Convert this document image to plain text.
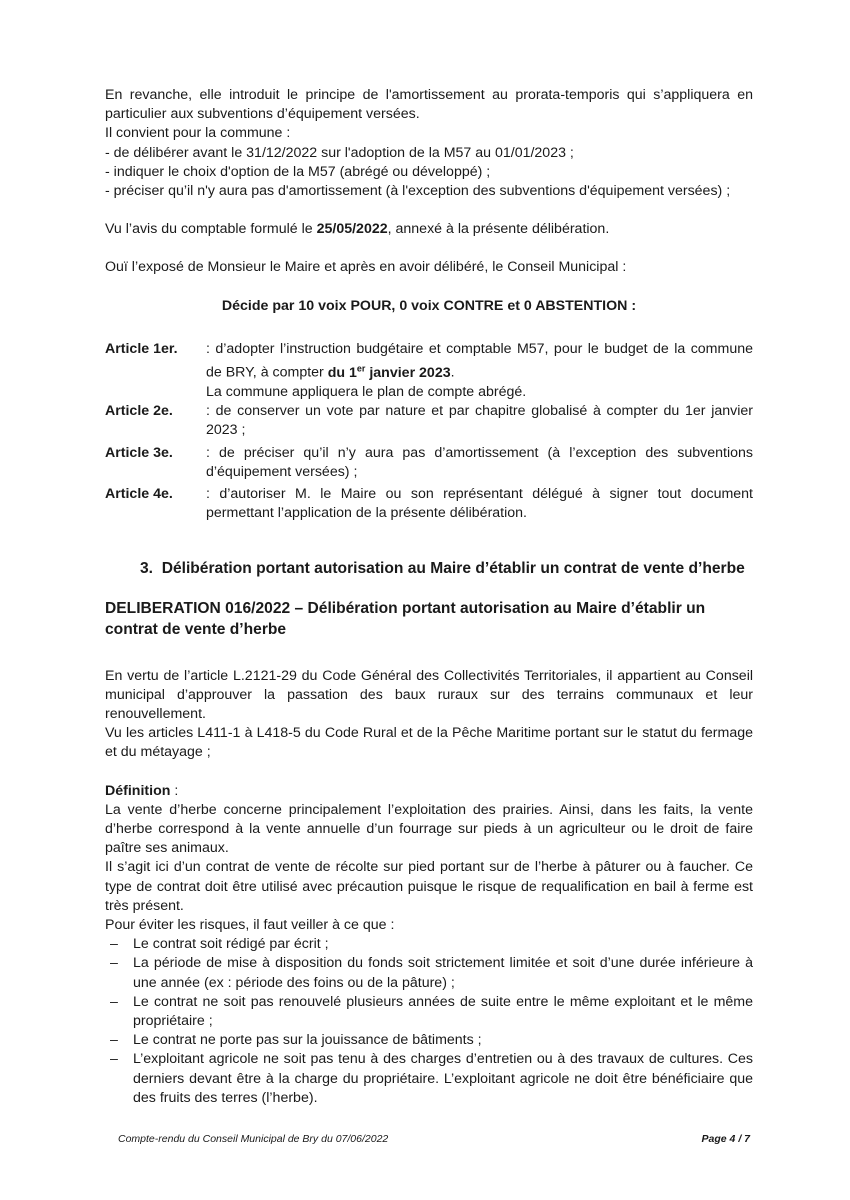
En revanche, elle introduit le principe de l'amortissement au prorata-temporis qui s’appliquera en particulier aux subventions d’équipement versées.

Il convient pour la commune :

- de délibérer avant le 31/12/2022 sur l'adoption de la M57 au 01/01/2023 ;

- indiquer le choix d'option de la M57 (abrégé ou développé) ;

- préciser qu’il n'y aura pas d'amortissement (à l'exception des subventions d'équipement versées) ;

Vu l’avis du comptable formulé le 25/05/2022, annexé à la présente délibération.

Ouï l’exposé de Monsieur le Maire et après en avoir délibéré, le Conseil Municipal :

Décide par 10 voix POUR, 0 voix CONTRE et 0 ABSTENTION :

Article 1er.	: d’adopter l’instruction budgétaire et comptable M57, pour le budget de la commune de BRY, à compter du 1er janvier 2023.
La commune appliquera le plan de compte abrégé.
Article 2e.	: de conserver un vote par nature et par chapitre globalisé à compter du 1er janvier 2023 ;
Article 3e.	: de préciser qu’il n’y aura pas d’amortissement (à l’exception des subventions d’équipement versées) ;
Article 4e.	: d’autoriser M. le Maire ou son représentant délégué à signer tout document permettant l’application de la présente délibération.

3. Délibération portant autorisation au Maire d’établir un contrat de vente d’herbe

DELIBERATION 016/2022 – Délibération portant autorisation au Maire d’établir un contrat de vente d’herbe

En vertu de l’article L.2121-29 du Code Général des Collectivités Territoriales, il appartient au Conseil municipal d’approuver la passation des baux ruraux sur des terrains communaux et leur renouvellement.

Vu les articles L411-1 à L418-5 du Code Rural et de la Pêche Maritime portant sur le statut du fermage et du métayage ;

Définition :

La vente d’herbe concerne principalement l’exploitation des prairies. Ainsi, dans les faits, la vente d’herbe correspond à la vente annuelle d’un fourrage sur pieds à un agriculteur ou le droit de faire paître ses animaux.

Il s’agit ici d’un contrat de vente de récolte sur pied portant sur de l’herbe à pâturer ou à faucher. Ce type de contrat doit être utilisé avec précaution puisque le risque de requalification en bail à ferme est très présent.

Pour éviter les risques, il faut veiller à ce que :

–	Le contrat soit rédigé par écrit ;
–	La période de mise à disposition du fonds soit strictement limitée et soit d’une durée inférieure à une année (ex : période des foins ou de la pâture) ;
–	Le contrat ne soit pas renouvelé plusieurs années de suite entre le même exploitant et le même propriétaire ;
–	Le contrat ne porte pas sur la jouissance de bâtiments ;
–	L’exploitant agricole ne soit pas tenu à des charges d’entretien ou à des travaux de cultures. Ces derniers devant être à la charge du propriétaire. L’exploitant agricole ne doit être bénéficiaire que des fruits des terres (l’herbe).
Compte-rendu du Conseil Municipal de Bry du 07/06/2022	Page 4 / 7
